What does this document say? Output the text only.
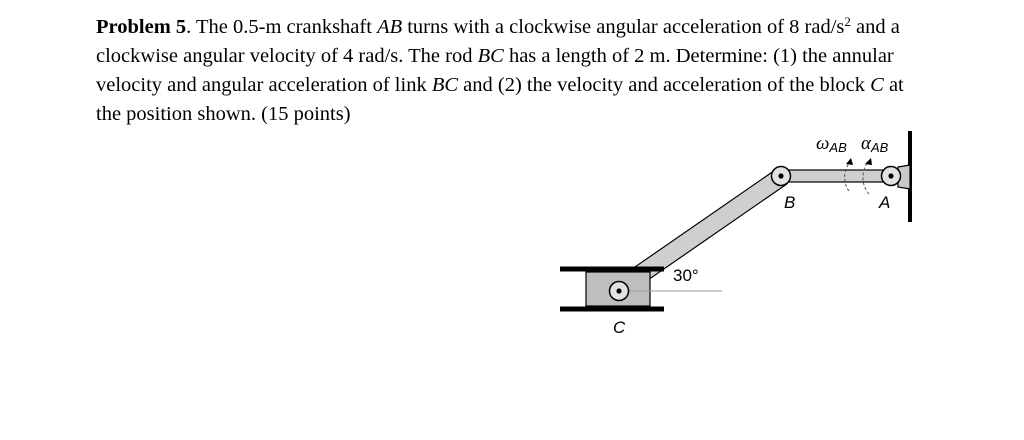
Problem 5. The 0.5-m crankshaft AB turns with a clockwise angular acceleration of 8 rad/$s^2$ and a clockwise angular velocity of 4 rad/s. The rod BC has a length of 2 m. Determine: (1) the annular velocity and angular acceleration of link BC and (2) the velocity and acceleration of the block C at the position shown. (15 points)
ωAB αAB
B	A
C
30°
